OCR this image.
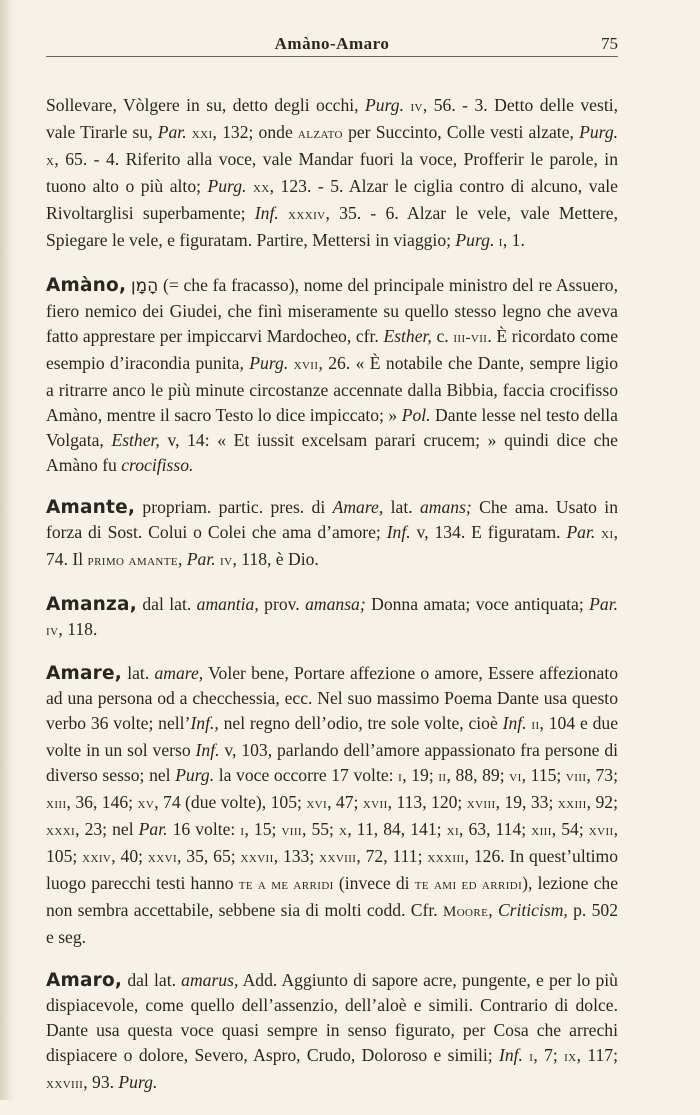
Amàno-Amaro	75

Sollevare, Vòlgere in su, detto degli occhi, Purg. iv, 56. - 3. Detto delle vesti, vale Tirarle su, Par. xxi, 132; onde alzato per Succinto, Colle vesti alzate, Purg. x, 65. - 4. Riferito alla voce, vale Mandar fuori la voce, Profferir le parole, in tuono alto o più alto; Purg. xx, 123. - 5. Alzar le ciglia contro di alcuno, vale Rivoltarglisi superbamente; Inf. xxxiv, 35. - 6. Alzar le vele, vale Mettere, Spiegare le vele, e figuratam. Partire, Mettersi in viaggio; Purg. i, 1.

Amàno, הָמָן (= che fa fracasso), nome del principale ministro del re Assuero, fiero nemico dei Giudei, che finì miseramente su quello stesso legno che aveva fatto apprestare per impiccarvi Mardocheo, cfr. Esther, c. iii-vii. È ricordato come esempio d’iracondia punita, Purg. xvii, 26. « È notabile che Dante, sempre ligio a ritrarre anco le più minute circostanze accennate dalla Bibbia, faccia crocifisso Amàno, mentre il sacro Testo lo dice impiccato; » Pol. Dante lesse nel testo della Volgata, Esther, v, 14: « Et iussit excelsam parari crucem; » quindi dice che Amàno fu crocifisso.

Amante, propriam. partic. pres. di Amare, lat. amans; Che ama. Usato in forza di Sost. Colui o Colei che ama d’amore; Inf. v, 134. E figuratam. Par. xi, 74. Il primo amante, Par. iv, 118, è Dio.

Amanza, dal lat. amantia, prov. amansa; Donna amata; voce antiquata; Par. iv, 118.

Amare, lat. amare, Voler bene, Portare affezione o amore, Essere affezionato ad una persona od a checchessia, ecc. Nel suo massimo Poema Dante usa questo verbo 36 volte; nell’Inf., nel regno dell’odio, tre sole volte, cioè Inf. ii, 104 e due volte in un sol verso Inf. v, 103, parlando dell’amore appassionato fra persone di diverso sesso; nel Purg. la voce occorre 17 volte: i, 19; ii, 88, 89; vi, 115; viii, 73; xiii, 36, 146; xv, 74 (due volte), 105; xvi, 47; xvii, 113, 120; xviii, 19, 33; xxiii, 92; xxxi, 23; nel Par. 16 volte: i, 15; viii, 55; x, 11, 84, 141; xi, 63, 114; xiii, 54; xvii, 105; xxiv, 40; xxvi, 35, 65; xxvii, 133; xxviii, 72, 111; xxxiii, 126. In quest’ultimo luogo parecchi testi hanno te a me arridi (invece di te ami ed arridi), lezione che non sembra accettabile, sebbene sia di molti codd. Cfr. Moore, Criticism, p. 502 e seg.

Amaro, dal lat. amarus, Add. Aggiunto di sapore acre, pungente, e per lo più dispiacevole, come quello dell’assenzio, dell’aloè e simili. Contrario di dolce. Dante usa questa voce quasi sempre in senso figurato, per Cosa che arrechi dispiacere o dolore, Severo, Aspro, Crudo, Doloroso e simili; Inf. i, 7; ix, 117; xxviii, 93. Purg.
